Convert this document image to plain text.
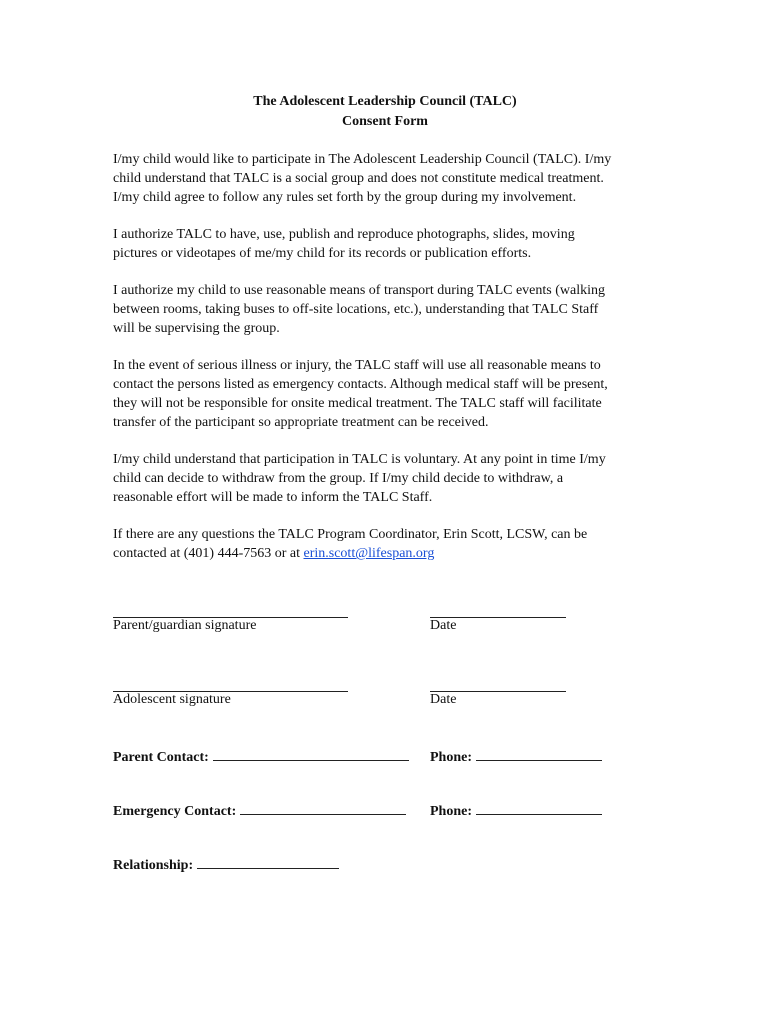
The Adolescent Leadership Council (TALC)
Consent Form
I/my child would like to participate in The Adolescent Leadership Council (TALC). I/my
child understand that TALC is a social group and does not constitute medical treatment.
I/my child agree to follow any rules set forth by the group during my involvement.
I authorize TALC to have, use, publish and reproduce photographs, slides, moving
pictures or videotapes of me/my child for its records or publication efforts.
I authorize my child to use reasonable means of transport during TALC events (walking
between rooms, taking buses to off-site locations, etc.), understanding that TALC Staff
will be supervising the group.
In the event of serious illness or injury, the TALC staff will use all reasonable means to
contact the persons listed as emergency contacts. Although medical staff will be present,
they will not be responsible for onsite medical treatment. The TALC staff will facilitate
transfer of the participant so appropriate treatment can be received.
I/my child understand that participation in TALC is voluntary. At any point in time I/my
child can decide to withdraw from the group. If I/my child decide to withdraw, a
reasonable effort will be made to inform the TALC Staff.
If there are any questions the TALC Program Coordinator, Erin Scott, LCSW, can be
contacted at (401) 444-7563 or at erin.scott@lifespan.org
Parent/guardian signature	Date
Adolescent signature	Date
Parent Contact:	Phone:
Emergency Contact:	Phone:
Relationship:
